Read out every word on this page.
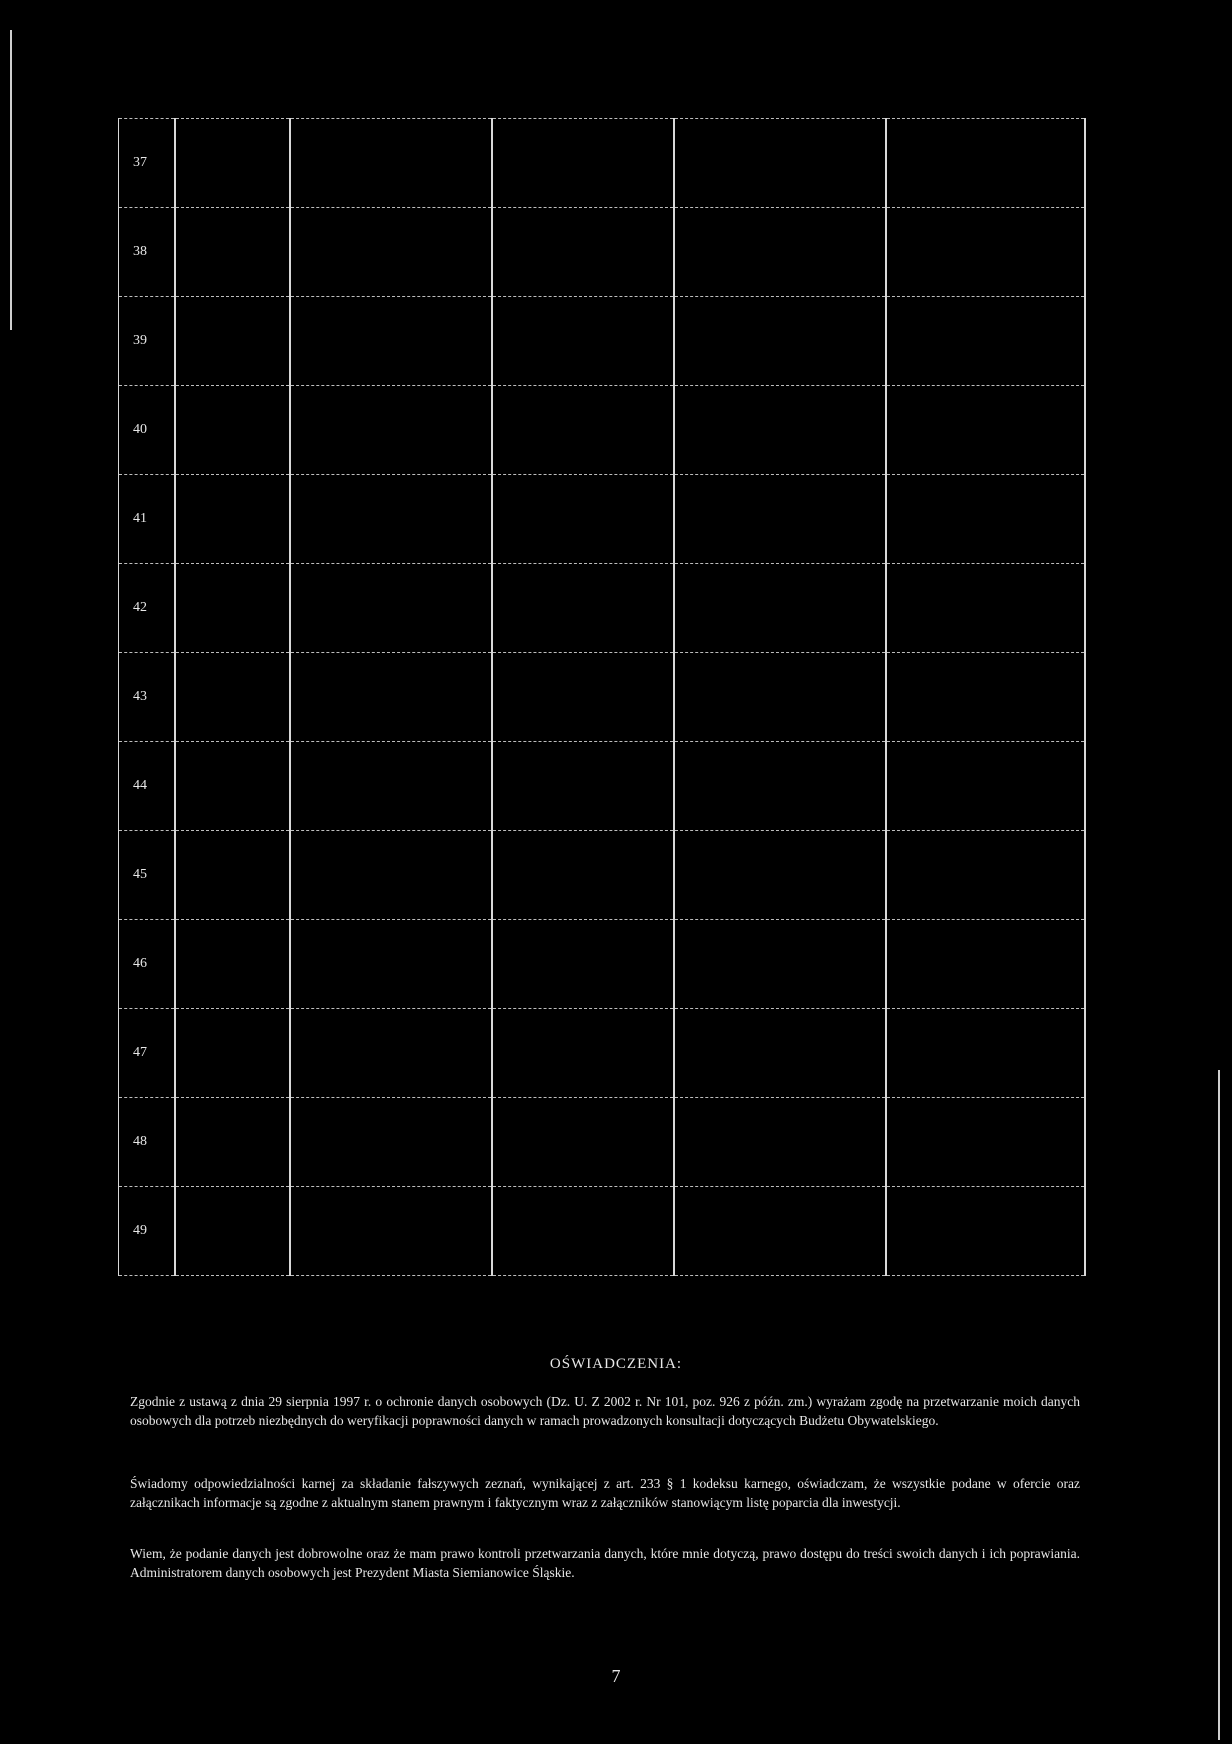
37					
38					
39					
40					
41					
42					
43					
44					
45					
46					
47					
48					
49					
OŚWIADCZENIA:

Zgodnie z ustawą z dnia 29 sierpnia 1997 r. o ochronie danych osobowych (Dz. U. Z 2002 r. Nr 101, poz. 926 z późn. zm.) wyrażam zgodę na przetwarzanie moich danych osobowych dla potrzeb niezbędnych do weryfikacji poprawności danych w ramach prowadzonych konsultacji dotyczących Budżetu Obywatelskiego.

Świadomy odpowiedzialności karnej za składanie fałszywych zeznań, wynikającej z art. 233 § 1 kodeksu karnego, oświadczam, że wszystkie podane w ofercie oraz załącznikach informacje są zgodne z aktualnym stanem prawnym i faktycznym wraz z załączników stanowiącym listę poparcia dla inwestycji.

Wiem, że podanie danych jest dobrowolne oraz że mam prawo kontroli przetwarzania danych, które mnie dotyczą, prawo dostępu do treści swoich danych i ich poprawiania. Administratorem danych osobowych jest Prezydent Miasta Siemianowice Śląskie.

7
